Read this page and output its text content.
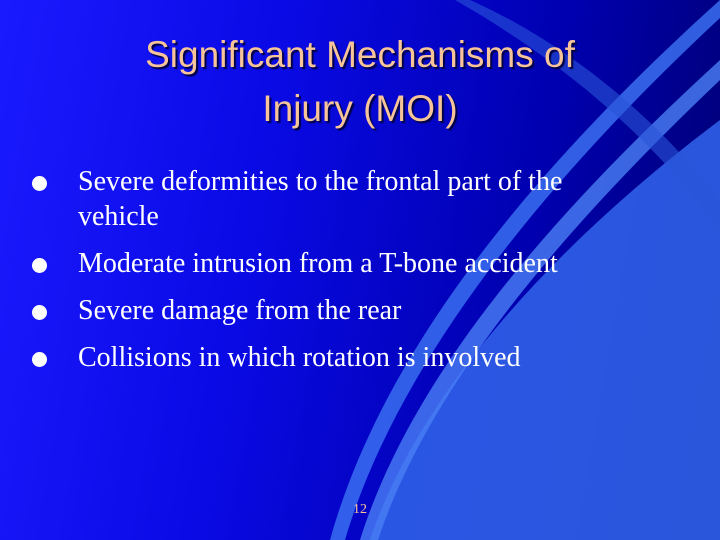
Significant Mechanisms of
Injury (MOI)
Severe deformities to the frontal part of the vehicle
Moderate intrusion from a T-bone accident
Severe damage from the rear
Collisions in which rotation is involved
12
